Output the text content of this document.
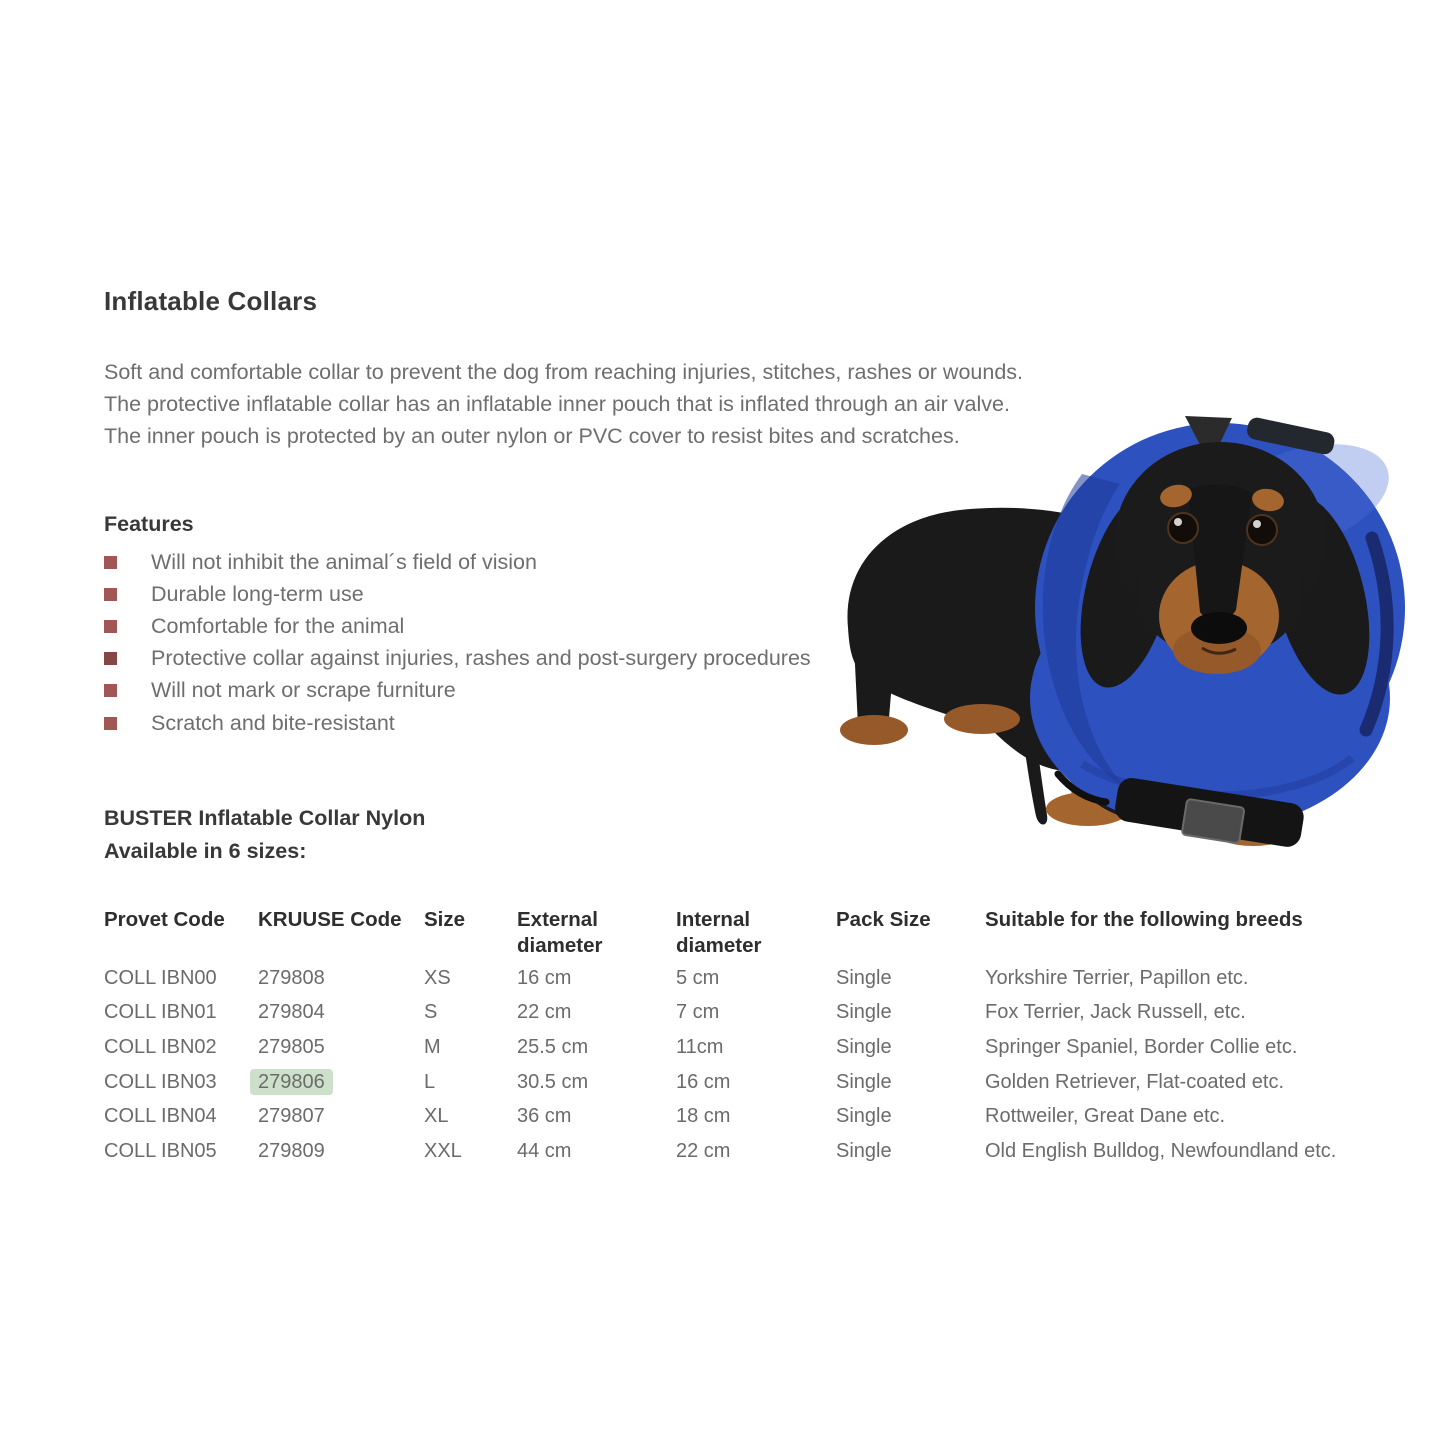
Inflatable Collars

Soft and comfortable collar to prevent the dog from reaching injuries, stitches, rashes or wounds.
The protective inflatable collar has an inflatable inner pouch that is inflated through an air valve.
The inner pouch is protected by an outer nylon or PVC cover to resist bites and scratches.

Features
Will not inhibit the animal´s field of vision
Durable long-term use
Comfortable for the animal
Protective collar against injuries, rashes and post-surgery procedures
Will not mark or scrape furniture
Scratch and bite-resistant
BUSTER Inflatable Collar Nylon
Available in 6 sizes:
Provet Code	KRUUSE Code	Size	External diameter	Internal diameter	Pack Size	Suitable for the following breeds
COLL IBN00	279808	XS	16 cm	5 cm	Single	Yorkshire Terrier, Papillon etc.
COLL IBN01	279804	S	22 cm	7 cm	Single	Fox Terrier, Jack Russell, etc.
COLL IBN02	279805	M	25.5 cm	11cm	Single	Springer Spaniel, Border Collie etc.
COLL IBN03	279806	L	30.5 cm	16 cm	Single	Golden Retriever, Flat-coated etc.
COLL IBN04	279807	XL	36 cm	18 cm	Single	Rottweiler, Great Dane etc.
COLL IBN05	279809	XXL	44 cm	22 cm	Single	Old English Bulldog, Newfoundland etc.
